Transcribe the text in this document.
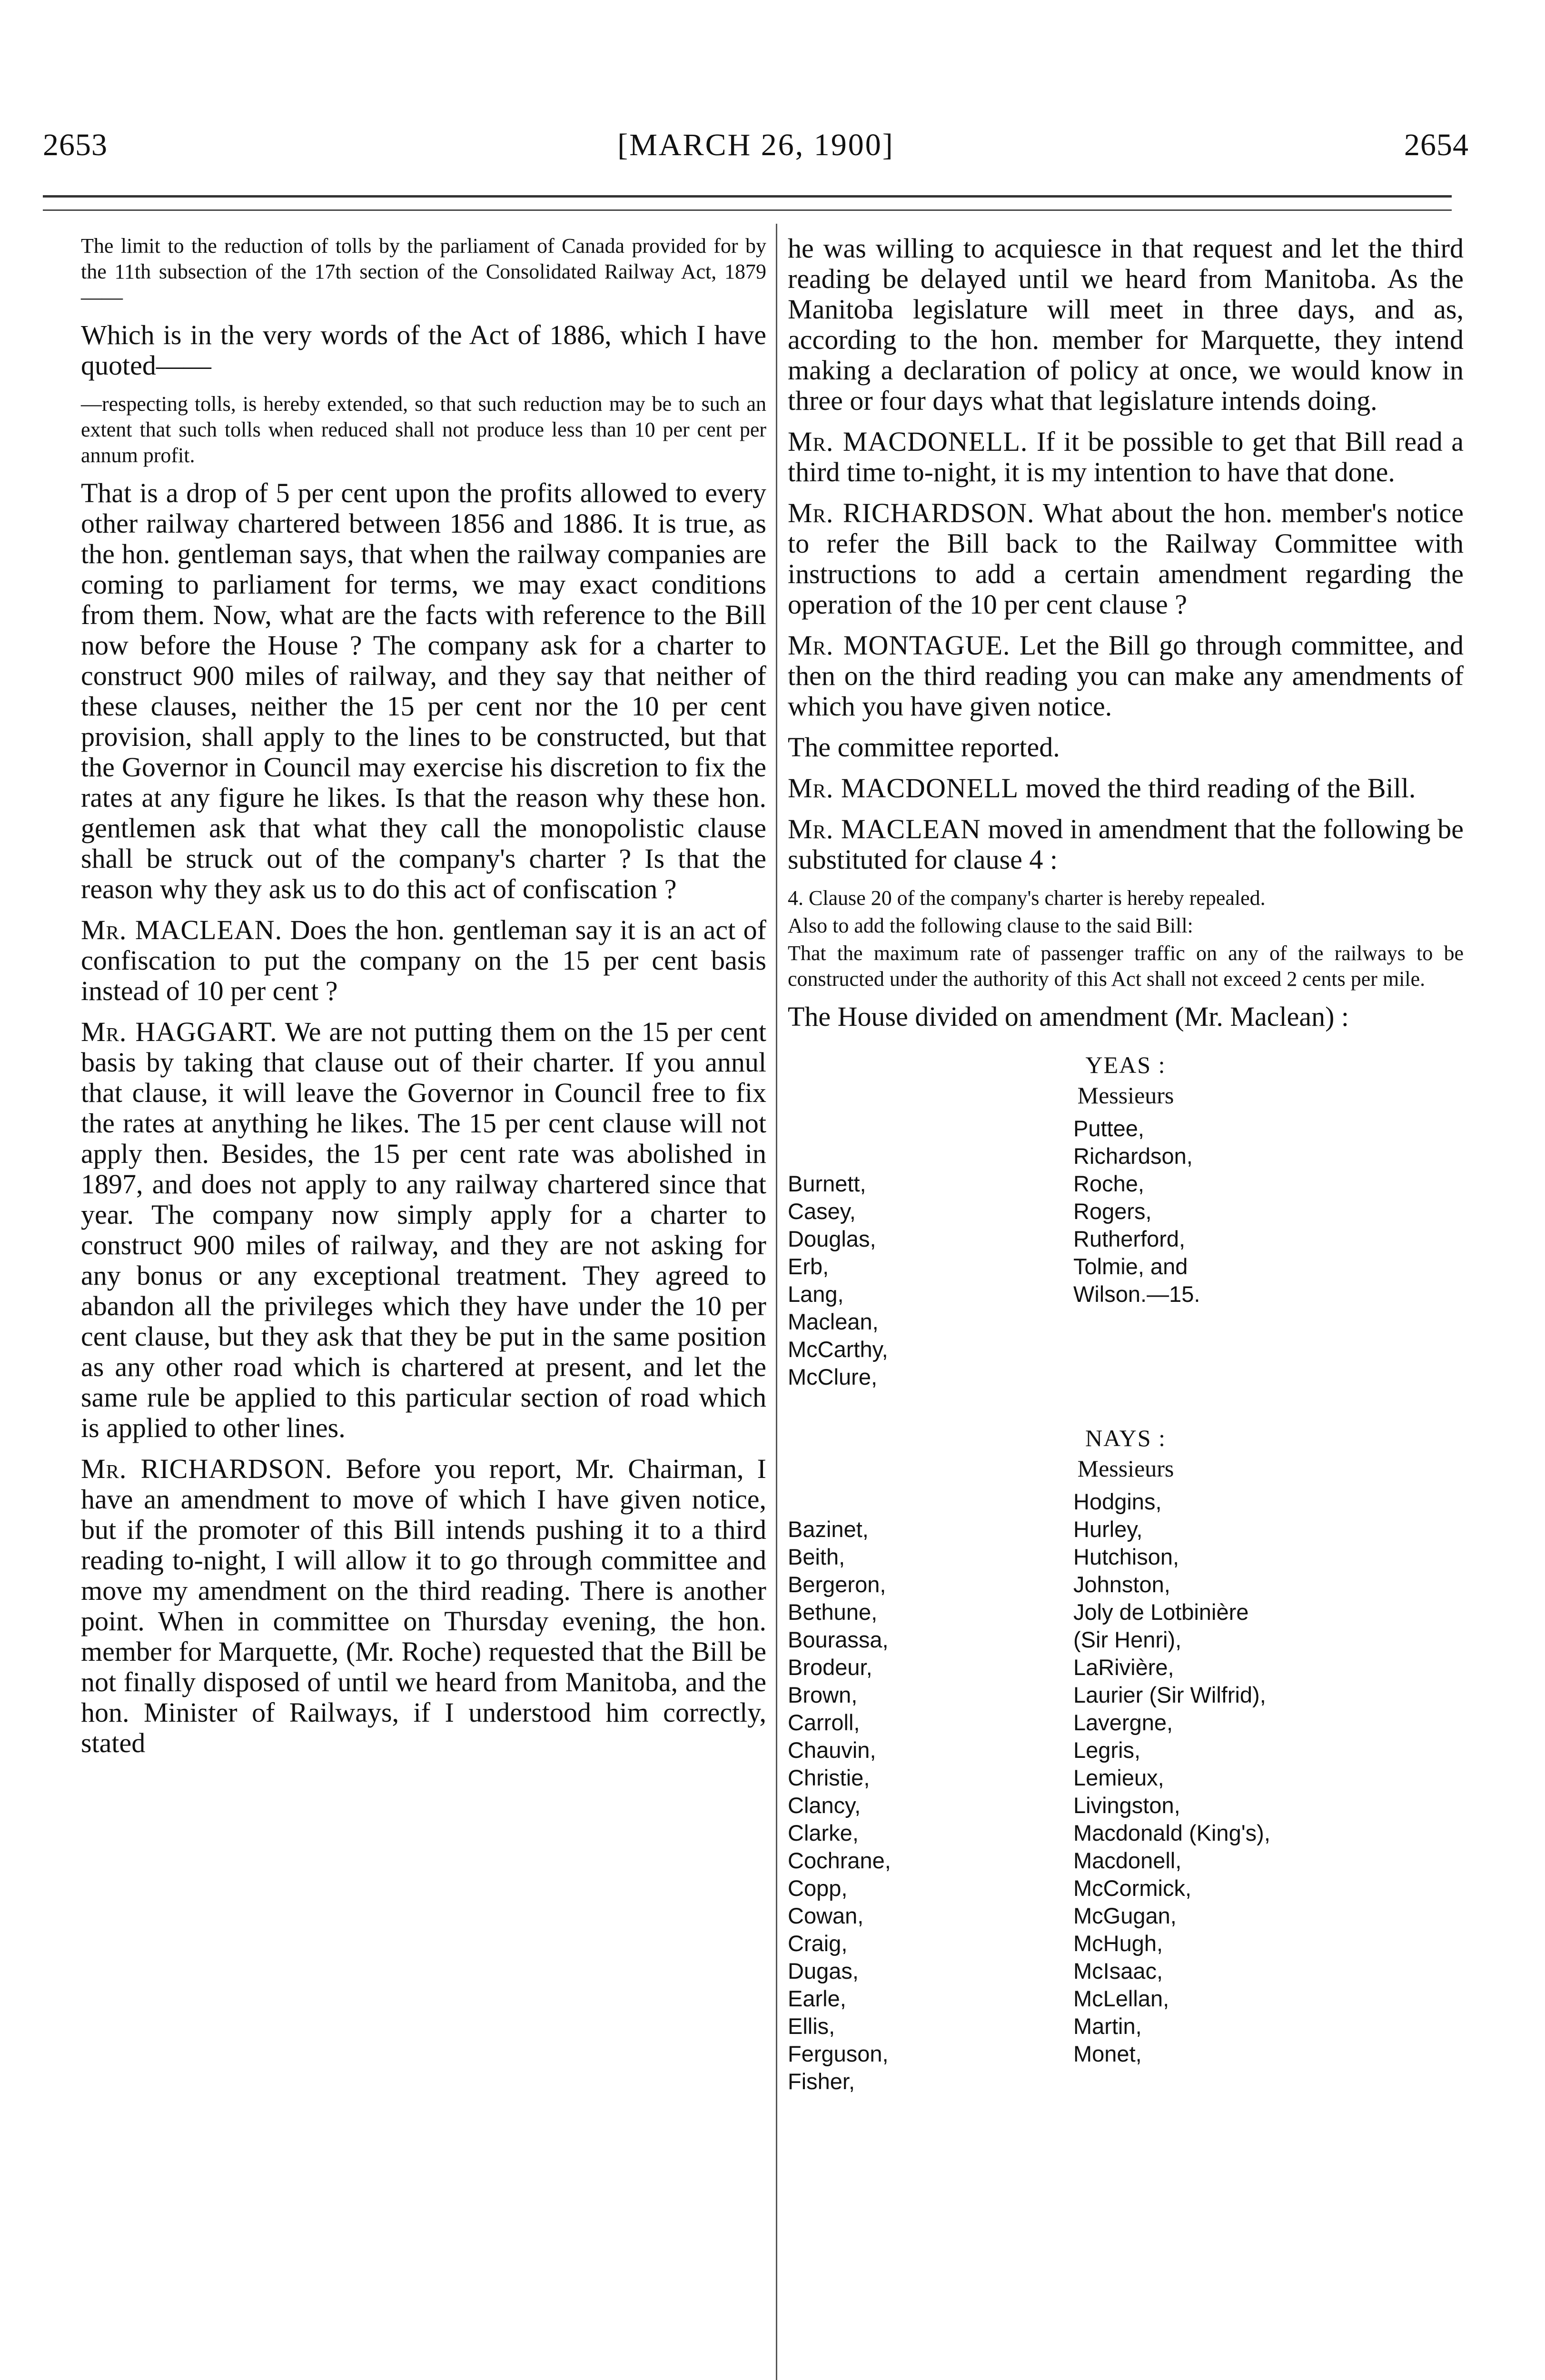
2653	[MARCH 26, 1900]	2654

The limit to the reduction of tolls by the parliament of Canada provided for by the 11th subsection of the 17th section of the Consolidated Railway Act, 1879——

Which is in the very words of the Act of 1886, which I have quoted——

—respecting tolls, is hereby extended, so that such reduction may be to such an extent that such tolls when reduced shall not produce less than 10 per cent per annum profit.

That is a drop of 5 per cent upon the profits allowed to every other railway chartered between 1856 and 1886. It is true, as the hon. gentleman says, that when the railway companies are coming to parliament for terms, we may exact conditions from them. Now, what are the facts with reference to the Bill now before the House ? The company ask for a charter to construct 900 miles of railway, and they say that neither of these clauses, neither the 15 per cent nor the 10 per cent provision, shall apply to the lines to be constructed, but that the Governor in Council may exercise his discretion to fix the rates at any figure he likes. Is that the reason why these hon. gentlemen ask that what they call the monopolistic clause shall be struck out of the company's charter ? Is that the reason why they ask us to do this act of confiscation ?

Mr. MACLEAN. Does the hon. gentleman say it is an act of confiscation to put the company on the 15 per cent basis instead of 10 per cent ?

Mr. HAGGART. We are not putting them on the 15 per cent basis by taking that clause out of their charter. If you annul that clause, it will leave the Governor in Council free to fix the rates at anything he likes. The 15 per cent clause will not apply then. Besides, the 15 per cent rate was abolished in 1897, and does not apply to any railway chartered since that year. The company now simply apply for a charter to construct 900 miles of railway, and they are not asking for any bonus or any exceptional treatment. They agreed to abandon all the privileges which they have under the 10 per cent clause, but they ask that they be put in the same position as any other road which is chartered at present, and let the same rule be applied to this particular section of road which is applied to other lines.

Mr. RICHARDSON. Before you report, Mr. Chairman, I have an amendment to move of which I have given notice, but if the promoter of this Bill intends pushing it to a third reading to-night, I will allow it to go through committee and move my amendment on the third reading. There is another point. When in committee on Thursday evening, the hon. member for Marquette, (Mr. Roche) requested that the Bill be not finally disposed of until we heard from Manitoba, and the hon. Minister of Railways, if I understood him correctly, stated

he was willing to acquiesce in that request and let the third reading be delayed until we heard from Manitoba. As the Manitoba legislature will meet in three days, and as, according to the hon. member for Marquette, they intend making a declaration of policy at once, we would know in three or four days what that legislature intends doing.

Mr. MACDONELL. If it be possible to get that Bill read a third time to-night, it is my intention to have that done.

Mr. RICHARDSON. What about the hon. member's notice to refer the Bill back to the Railway Committee with instructions to add a certain amendment regarding the operation of the 10 per cent clause ?

Mr. MONTAGUE. Let the Bill go through committee, and then on the third reading you can make any amendments of which you have given notice.

The committee reported.

Mr. MACDONELL moved the third reading of the Bill.

Mr. MACLEAN moved in amendment that the following be substituted for clause 4 :

4. Clause 20 of the company's charter is hereby repealed.

Also to add the following clause to the said Bill:

That the maximum rate of passenger traffic on any of the railways to be constructed under the authority of this Act shall not exceed 2 cents per mile.

The House divided on amendment (Mr. Maclean) :

YEAS :
Messieurs
Burnett,
Casey,
Douglas,
Erb,
Lang,
Maclean,
McCarthy,
McClure,
Puttee,
Richardson,
Roche,
Rogers,
Rutherford,
Tolmie, and
Wilson.—15.
NAYS :
Messieurs
Bazinet,
Beith,
Bergeron,
Bethune,
Bourassa,
Brodeur,
Brown,
Carroll,
Chauvin,
Christie,
Clancy,
Clarke,
Cochrane,
Copp,
Cowan,
Craig,
Dugas,
Earle,
Ellis,
Ferguson,
Fisher,
Hodgins,
Hurley,
Hutchison,
Johnston,
Joly de Lotbinière
(Sir Henri),
LaRivière,
Laurier (Sir Wilfrid),
Lavergne,
Legris,
Lemieux,
Livingston,
Macdonald (King's),
Macdonell,
McCormick,
McGugan,
McHugh,
McIsaac,
McLellan,
Martin,
Monet,
